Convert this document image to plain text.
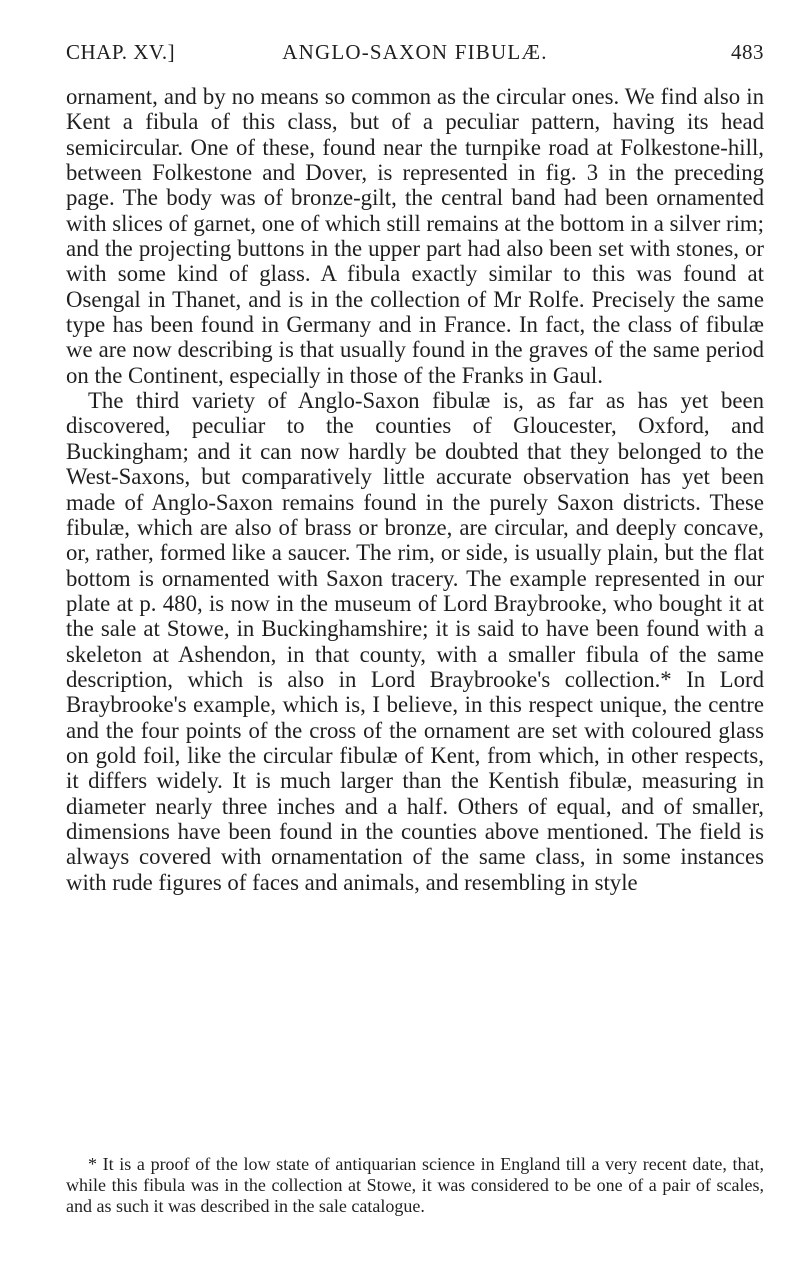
CHAP. XV.]	ANGLO-SAXON FIBULÆ.	483

ornament, and by no means so common as the circular ones. We find also in Kent a fibula of this class, but of a peculiar pattern, having its head semicircular. One of these, found near the turnpike road at Folkestone-hill, between Folkestone and Dover, is represented in fig. 3 in the preceding page. The body was of bronze-gilt, the central band had been ornamented with slices of garnet, one of which still remains at the bottom in a silver rim; and the projecting buttons in the upper part had also been set with stones, or with some kind of glass. A fibula exactly similar to this was found at Osengal in Thanet, and is in the collection of Mr Rolfe. Precisely the same type has been found in Germany and in France. In fact, the class of fibulæ we are now describing is that usually found in the graves of the same period on the Continent, especially in those of the Franks in Gaul.

The third variety of Anglo-Saxon fibulæ is, as far as has yet been discovered, peculiar to the counties of Gloucester, Oxford, and Buckingham; and it can now hardly be doubted that they belonged to the West-Saxons, but comparatively little accurate observation has yet been made of Anglo-Saxon remains found in the purely Saxon districts. These fibulæ, which are also of brass or bronze, are circular, and deeply concave, or, rather, formed like a saucer. The rim, or side, is usually plain, but the flat bottom is ornamented with Saxon tracery. The example represented in our plate at p. 480, is now in the museum of Lord Braybrooke, who bought it at the sale at Stowe, in Buckinghamshire; it is said to have been found with a skeleton at Ashendon, in that county, with a smaller fibula of the same description, which is also in Lord Braybrooke's collection.* In Lord Braybrooke's example, which is, I believe, in this respect unique, the centre and the four points of the cross of the ornament are set with coloured glass on gold foil, like the circular fibulæ of Kent, from which, in other respects, it differs widely. It is much larger than the Kentish fibulæ, measuring in diameter nearly three inches and a half. Others of equal, and of smaller, dimensions have been found in the counties above mentioned. The field is always covered with ornamentation of the same class, in some instances with rude figures of faces and animals, and resembling in style

* It is a proof of the low state of antiquarian science in England till a very recent date, that, while this fibula was in the collection at Stowe, it was considered to be one of a pair of scales, and as such it was described in the sale catalogue.
